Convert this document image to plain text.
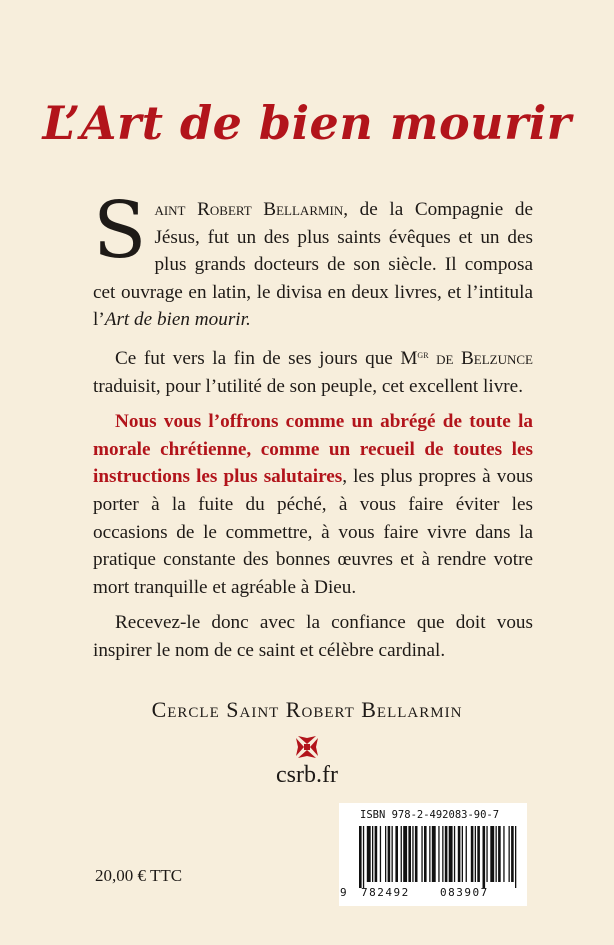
L’Art de bien mourir

Saint Robert Bellarmin, de la Compagnie de Jésus, fut un des plus saints évêques et un des plus grands docteurs de son siècle. Il composa cet ouvrage en latin, le divisa en deux livres, et l’intitula l’Art de bien mourir.

Ce fut vers la fin de ses jours que $M^{gr}$ de Belzunce traduisit, pour l’utilité de son peuple, cet excellent livre.

Nous vous l’offrons comme un abrégé de toute la morale chrétienne, comme un recueil de toutes les instructions les plus salutaires, les plus propres à vous porter à la fuite du péché, à vous faire éviter les occasions de le commettre, à vous faire vivre dans la pratique constante des bonnes œuvres et à rendre votre mort tranquille et agréable à Dieu.

Recevez-le donc avec la confiance que doit vous inspirer le nom de ce saint et célèbre cardinal.

Cercle Saint Robert Bellarmin
csrb.fr
20,00 € TTC
ISBN 978-2-492083-90-7
9 782492	083907
